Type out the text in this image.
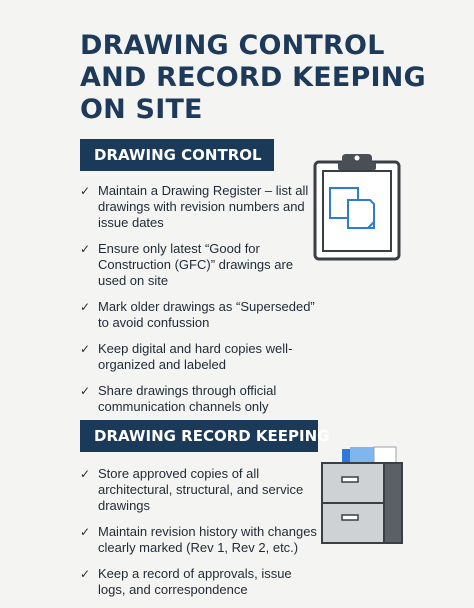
DRAWING CONTROL
AND RECORD KEEPING
ON SITE
DRAWING CONTROL
✓ Maintain a Drawing Register – list all drawings with revision numbers and issue dates
✓ Ensure only latest “Good for Construction (GFC)” drawings are used on site
✓ Mark older drawings as “Superseded” to avoid confussion
✓ Keep digital and hard copies well-organized and labeled
✓ Share drawings through official communication channels only
DRAWING RECORD KEEPING
✓ Store approved copies of all architectural, structural, and service drawings
✓ Maintain revision history with changes clearly marked (Rev 1, Rev 2, etc.)
✓ Keep a record of approvals, issue logs, and correspondence
